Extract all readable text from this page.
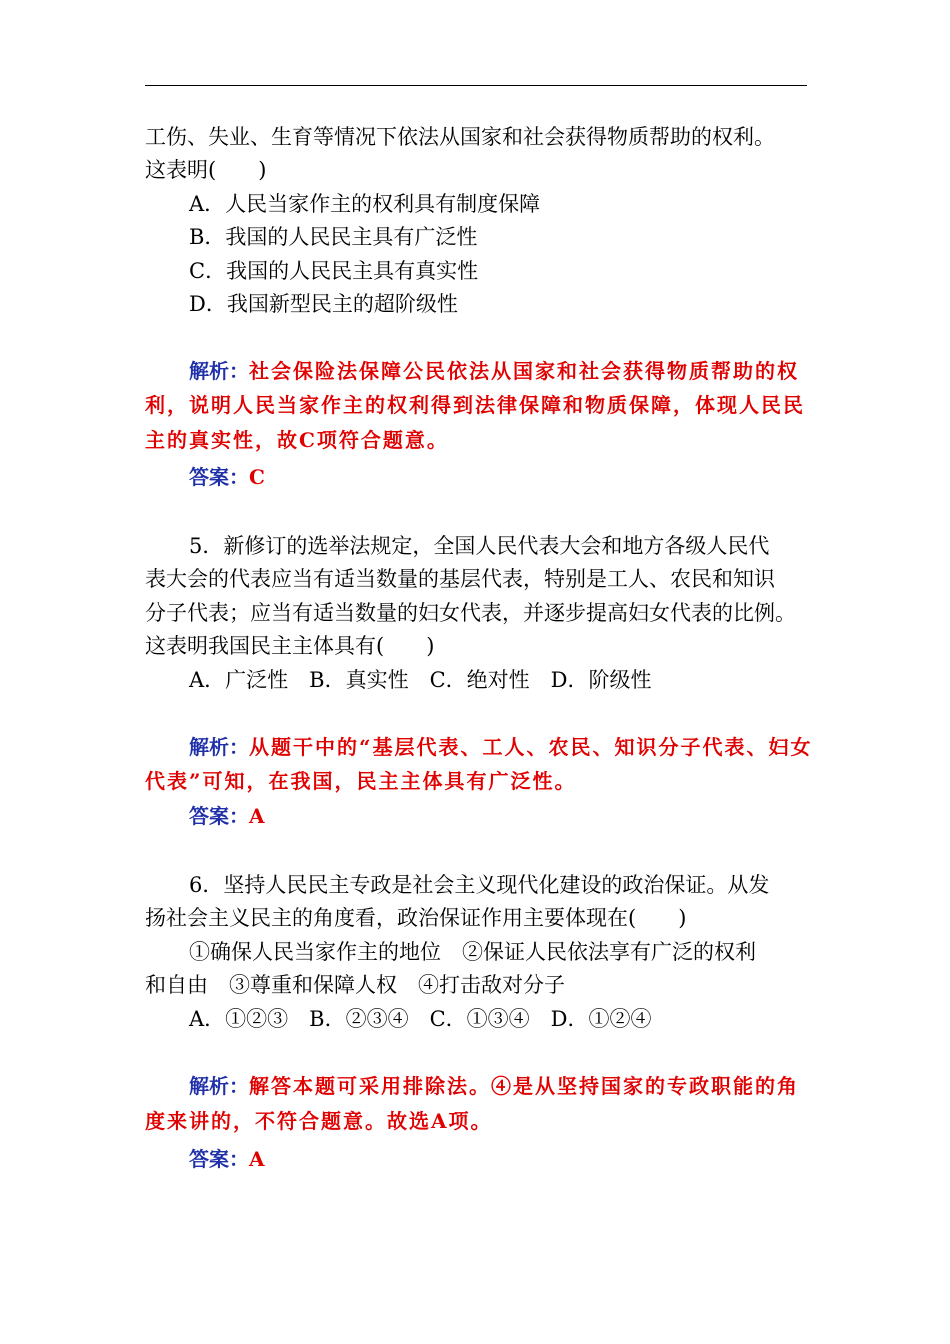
工伤、失业、生育等情况下依法从国家和社会获得物质帮助的权利。
这表明(　　)
A．人民当家作主的权利具有制度保障
B．我国的人民民主具有广泛性
C．我国的人民民主具有真实性
D．我国新型民主的超阶级性
解析：社会保险法保障公民依法从国家和社会获得物质帮助的权
利，说明人民当家作主的权利得到法律保障和物质保障，体现人民民
主的真实性，故C项符合题意。
答案：C
5．新修订的选举法规定，全国人民代表大会和地方各级人民代
表大会的代表应当有适当数量的基层代表，特别是工人、农民和知识
分子代表；应当有适当数量的妇女代表，并逐步提高妇女代表的比例。
这表明我国民主主体具有(　　)
A．广泛性　B．真实性　C．绝对性　D．阶级性
解析：从题干中的“基层代表、工人、农民、知识分子代表、妇女
代表”可知，在我国，民主主体具有广泛性。
答案：A
6．坚持人民民主专政是社会主义现代化建设的政治保证。从发
扬社会主义民主的角度看，政治保证作用主要体现在(　　)
①确保人民当家作主的地位　②保证人民依法享有广泛的权利
和自由　③尊重和保障人权　④打击敌对分子
A．①②③　B．②③④　C．①③④　D．①②④
解析：解答本题可采用排除法。④是从坚持国家的专政职能的角
度来讲的，不符合题意。故选A项。
答案：A
